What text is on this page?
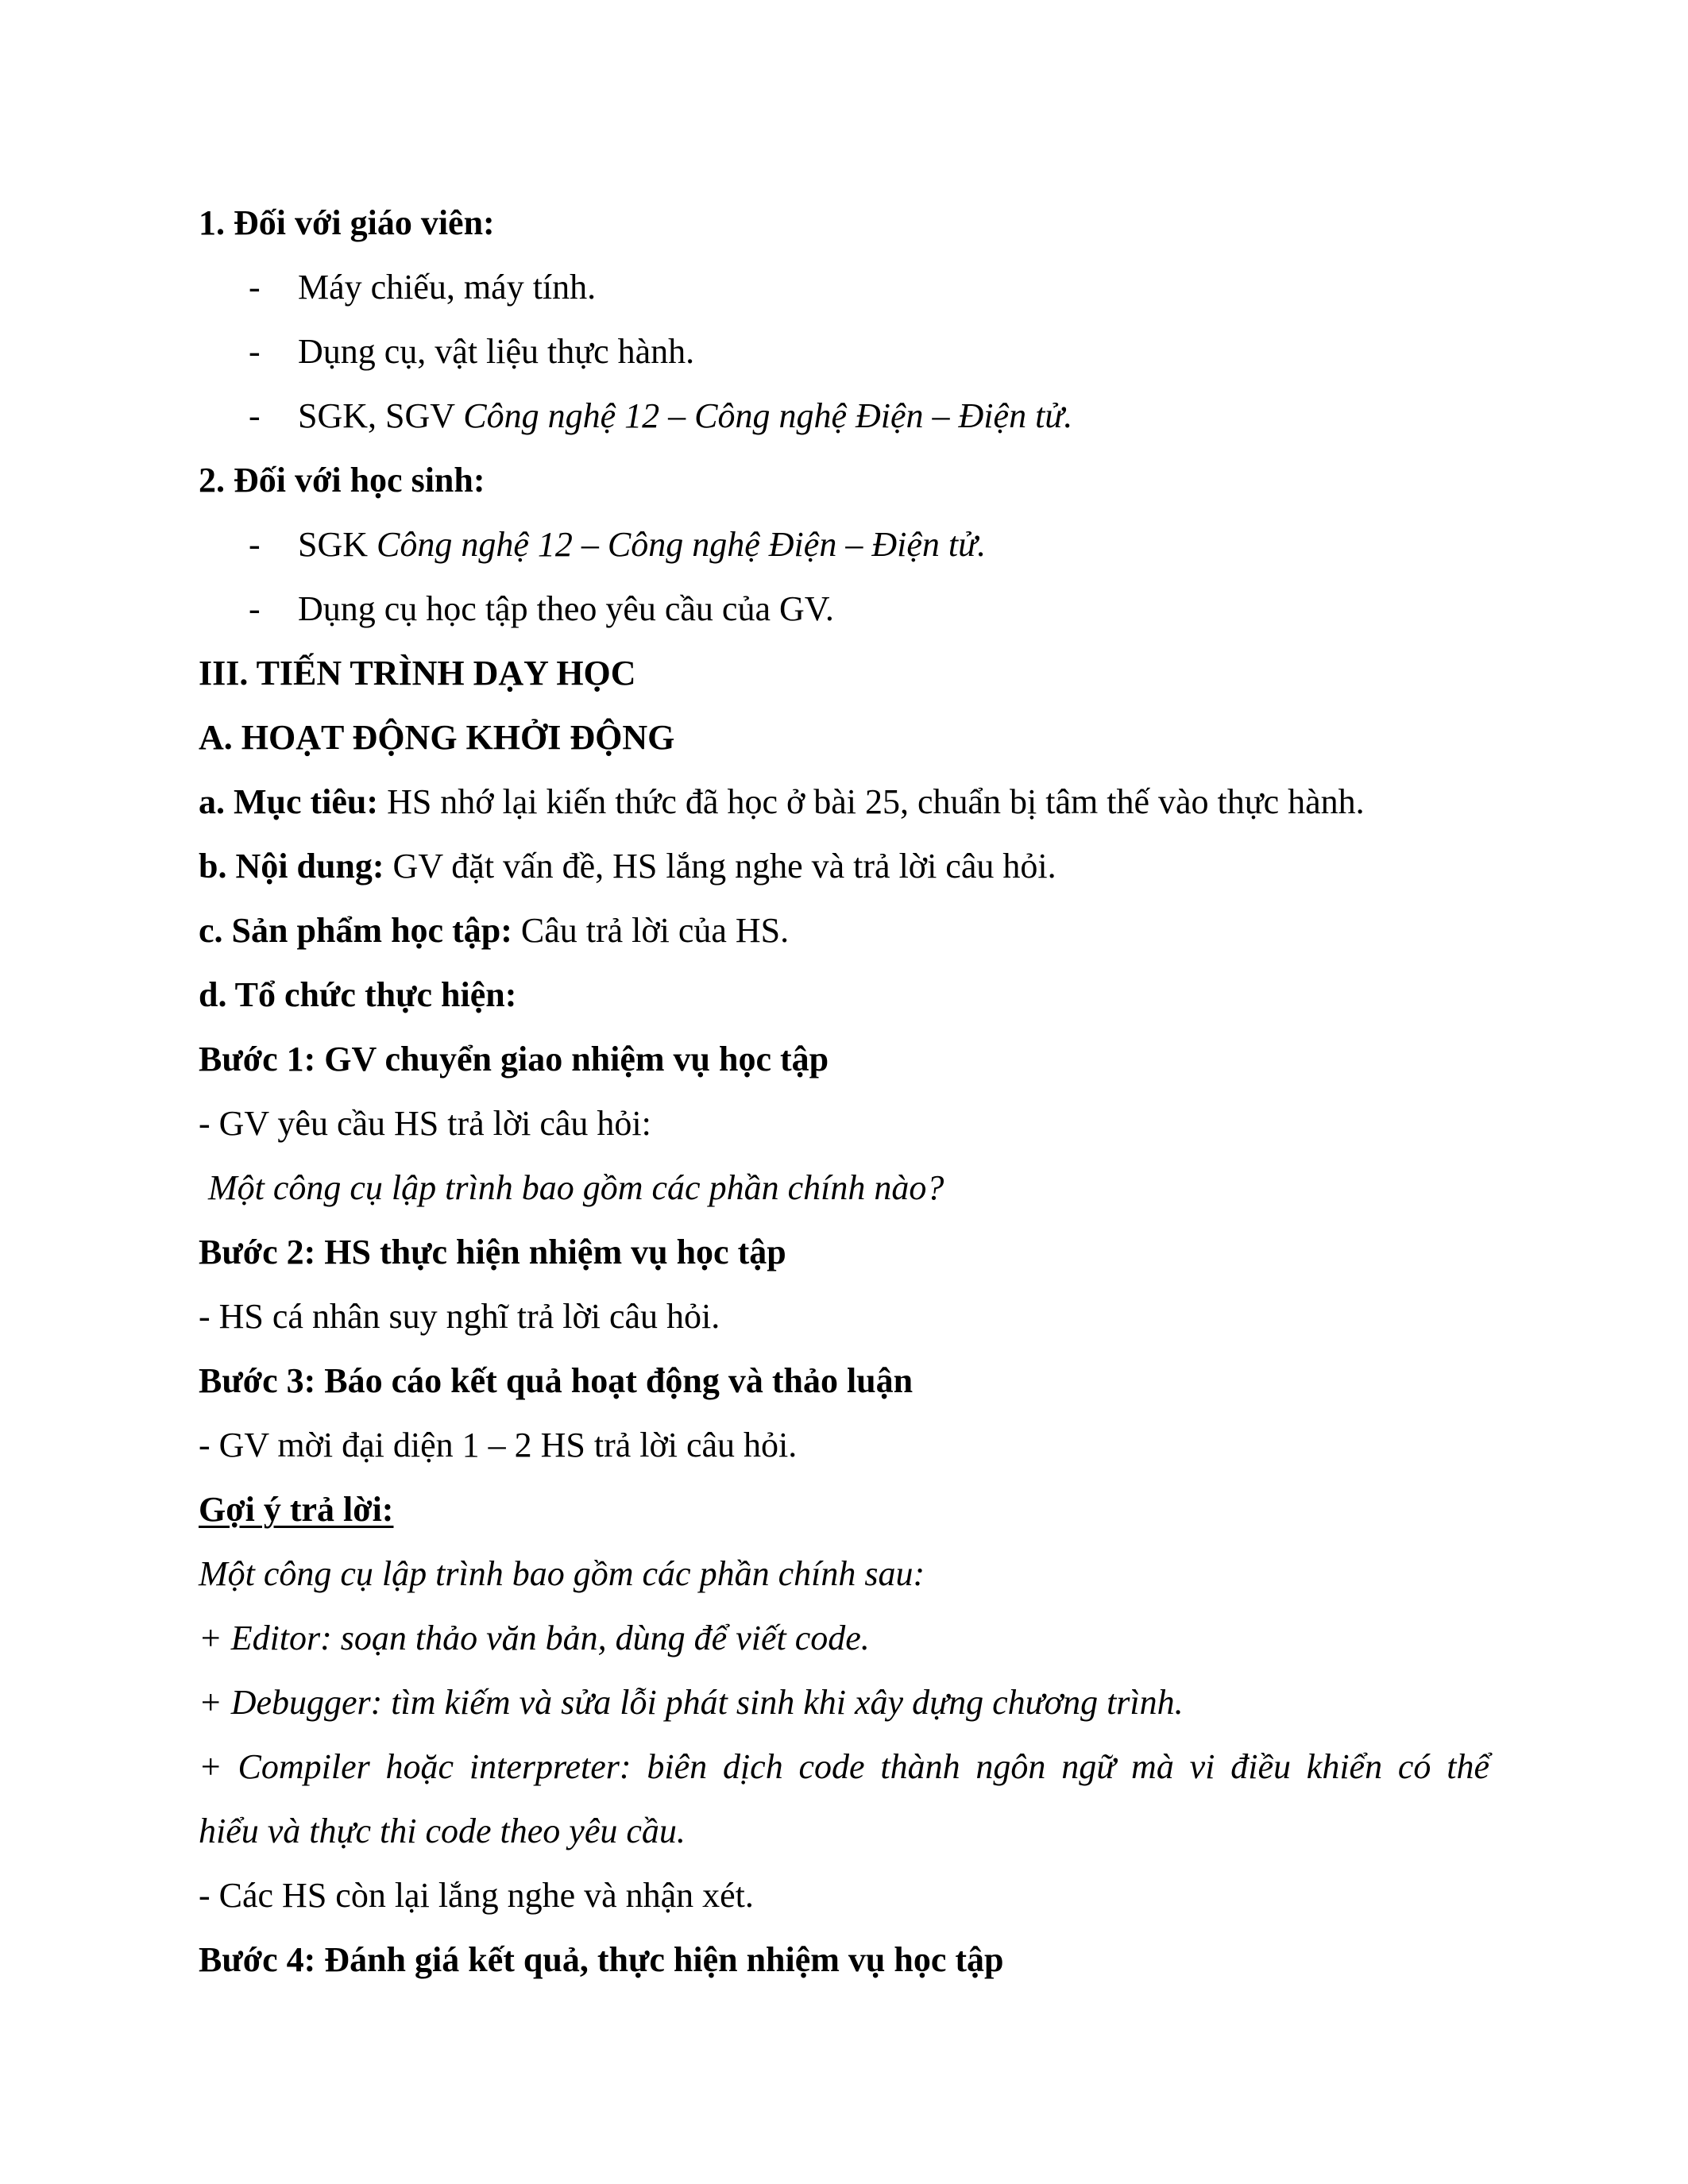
1. Đối với giáo viên:
- Máy chiếu, máy tính.
- Dụng cụ, vật liệu thực hành.
- SGK, SGV Công nghệ 12 – Công nghệ Điện – Điện tử.
2. Đối với học sinh:
- SGK Công nghệ 12 – Công nghệ Điện – Điện tử.
- Dụng cụ học tập theo yêu cầu của GV.
III. TIẾN TRÌNH DẠY HỌC
A. HOẠT ĐỘNG KHỞI ĐỘNG
a. Mục tiêu: HS nhớ lại kiến thức đã học ở bài 25, chuẩn bị tâm thế vào thực hành.
b. Nội dung: GV đặt vấn đề, HS lắng nghe và trả lời câu hỏi.
c. Sản phẩm học tập: Câu trả lời của HS.
d. Tổ chức thực hiện:
Bước 1: GV chuyển giao nhiệm vụ học tập
- GV yêu cầu HS trả lời câu hỏi:
Một công cụ lập trình bao gồm các phần chính nào?
Bước 2: HS thực hiện nhiệm vụ học tập
- HS cá nhân suy nghĩ trả lời câu hỏi.
Bước 3: Báo cáo kết quả hoạt động và thảo luận
- GV mời đại diện 1 – 2 HS trả lời câu hỏi.
Gợi ý trả lời:
Một công cụ lập trình bao gồm các phần chính sau:
+ Editor: soạn thảo văn bản, dùng để viết code.
+ Debugger: tìm kiếm và sửa lỗi phát sinh khi xây dựng chương trình.
+ Compiler hoặc interpreter: biên dịch code thành ngôn ngữ mà vi điều khiển có thể
hiểu và thực thi code theo yêu cầu.
- Các HS còn lại lắng nghe và nhận xét.
Bước 4: Đánh giá kết quả, thực hiện nhiệm vụ học tập
